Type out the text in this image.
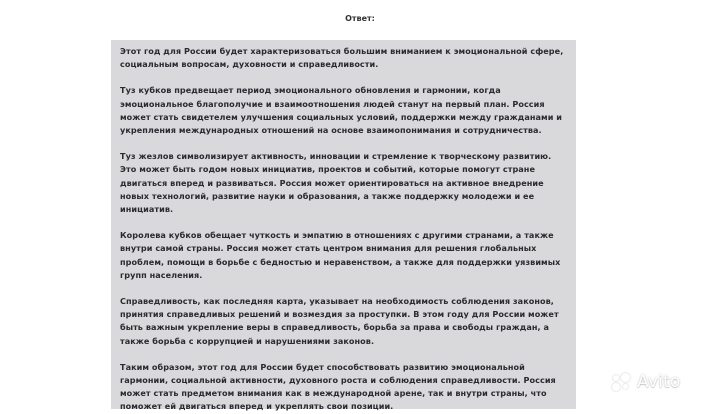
Ответ:

Этот год для России будет характеризоваться большим вниманием к эмоциональной сфере, социальным вопросам, духовности и справедливости.

Туз кубков предвещает период эмоционального обновления и гармонии, когда эмоциональное благополучие и взаимоотношения людей станут на первый план. Россия может стать свидетелем улучшения социальных условий, поддержки между гражданами и укрепления международных отношений на основе взаимопонимания и сотрудничества.

Туз жезлов символизирует активность, инновации и стремление к творческому развитию. Это может быть годом новых инициатив, проектов и событий, которые помогут стране двигаться вперед и развиваться. Россия может ориентироваться на активное внедрение новых технологий, развитие науки и образования, а также поддержку молодежи и ее инициатив.

Королева кубков обещает чуткость и эмпатию в отношениях с другими странами, а также внутри самой страны. Россия может стать центром внимания для решения глобальных проблем, помощи в борьбе с бедностью и неравенством, а также для поддержки уязвимых групп населения.

Справедливость, как последняя карта, указывает на необходимость соблюдения законов, принятия справедливых решений и возмездия за проступки. В этом году для России может быть важным укрепление веры в справедливость, борьба за права и свободы граждан, а также борьба с коррупцией и нарушениями законов.

Таким образом, этот год для России будет способствовать развитию эмоциональной гармонии, социальной активности, духовного роста и соблюдения справедливости. Россия может стать предметом внимания как в международной арене, так и внутри страны, что поможет ей двигаться вперед и укреплять свои позиции.

Avito
